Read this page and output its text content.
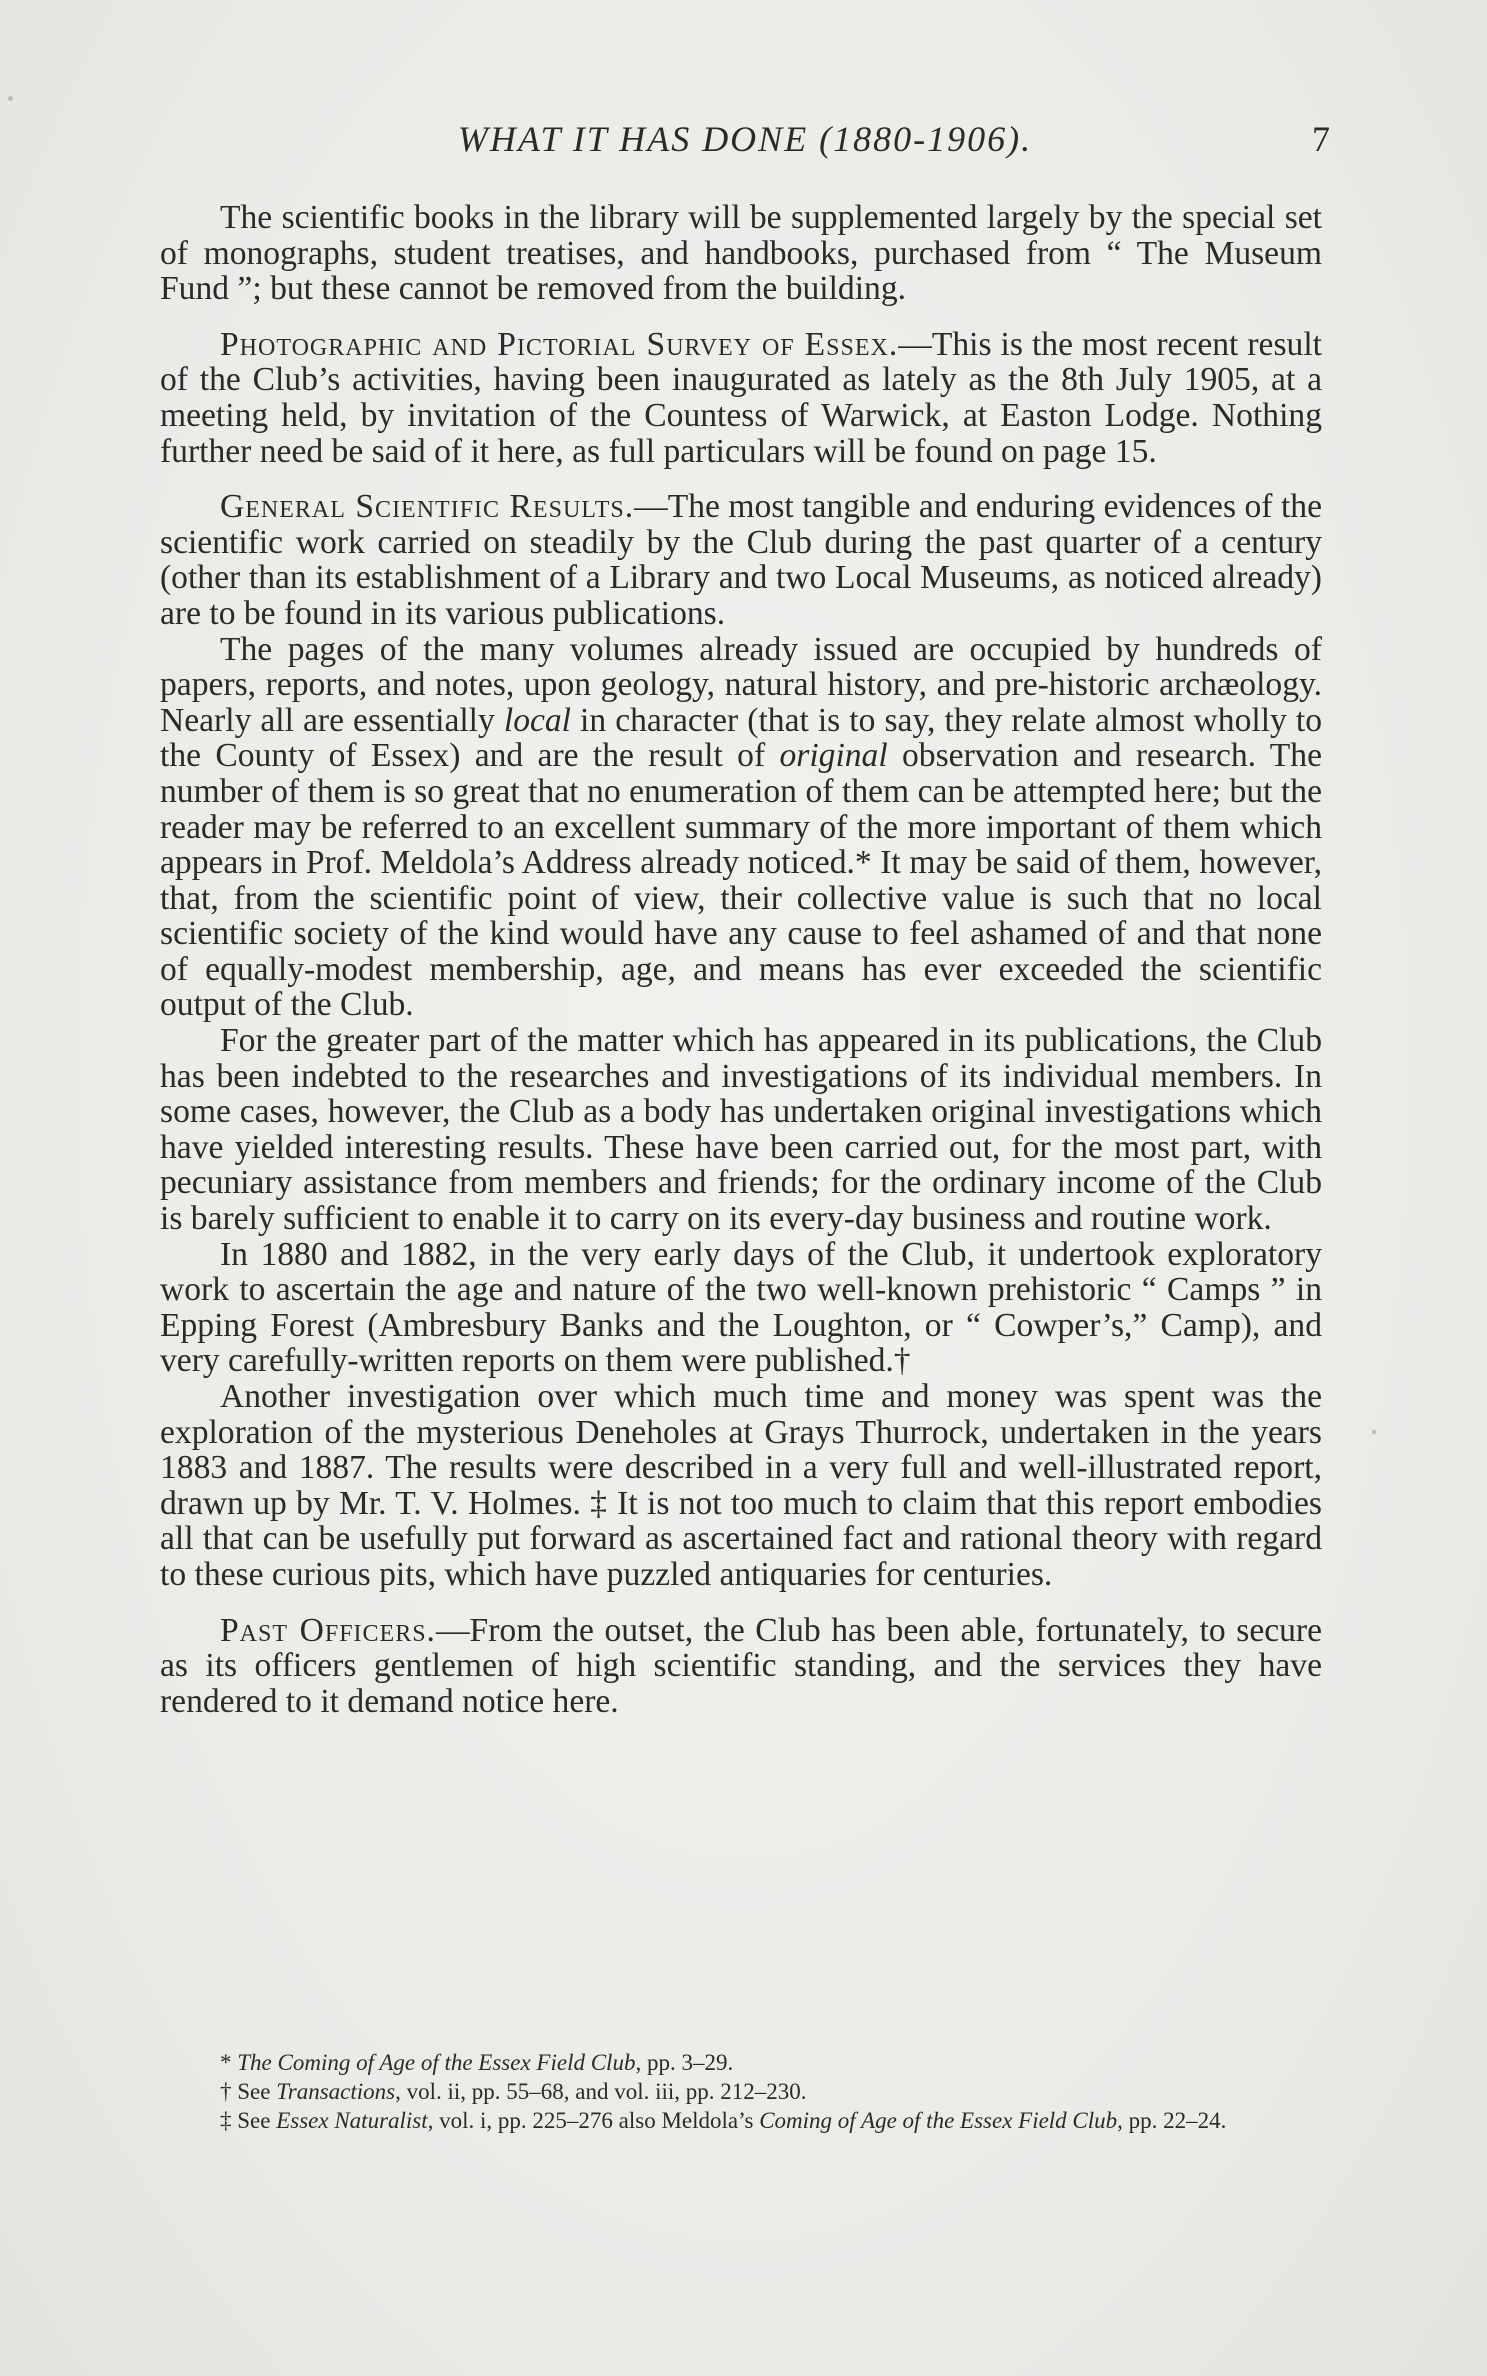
WHAT IT HAS DONE (1880-1906).	7

The scientific books in the library will be supplemented largely by the special set of monographs, student treatises, and handbooks, purchased from “ The Museum Fund ”; but these cannot be removed from the building.

Photographic and Pictorial Survey of Essex.—This is the most recent result of the Club’s activities, having been inaugurated as lately as the 8th July 1905, at a meeting held, by invitation of the Countess of Warwick, at Easton Lodge. Nothing further need be said of it here, as full particulars will be found on page 15.

General Scientific Results.—The most tangible and enduring evidences of the scientific work carried on steadily by the Club during the past quarter of a century (other than its establishment of a Library and two Local Museums, as noticed already) are to be found in its various publications.

The pages of the many volumes already issued are occupied by hundreds of papers, reports, and notes, upon geology, natural history, and pre-historic archæology. Nearly all are essentially local in character (that is to say, they relate almost wholly to the County of Essex) and are the result of original observation and research. The number of them is so great that no enumeration of them can be attempted here; but the reader may be referred to an excellent summary of the more important of them which appears in Prof. Meldola’s Address already noticed.* It may be said of them, however, that, from the scientific point of view, their collective value is such that no local scientific society of the kind would have any cause to feel ashamed of and that none of equally-modest membership, age, and means has ever exceeded the scientific output of the Club.

For the greater part of the matter which has appeared in its publications, the Club has been indebted to the researches and investigations of its individual members. In some cases, however, the Club as a body has undertaken original investigations which have yielded interesting results. These have been carried out, for the most part, with pecuniary assistance from members and friends; for the ordinary income of the Club is barely sufficient to enable it to carry on its every-day business and routine work.

In 1880 and 1882, in the very early days of the Club, it undertook exploratory work to ascertain the age and nature of the two well-known prehistoric “ Camps ” in Epping Forest (Ambresbury Banks and the Loughton, or “ Cowper’s,” Camp), and very carefully-written reports on them were published.†

Another investigation over which much time and money was spent was the exploration of the mysterious Deneholes at Grays Thurrock, undertaken in the years 1883 and 1887. The results were described in a very full and well-illustrated report, drawn up by Mr. T. V. Holmes. ‡ It is not too much to claim that this report embodies all that can be usefully put forward as ascertained fact and rational theory with regard to these curious pits, which have puzzled antiquaries for centuries.

Past Officers.—From the outset, the Club has been able, fortunately, to secure as its officers gentlemen of high scientific standing, and the services they have rendered to it demand notice here.

* The Coming of Age of the Essex Field Club, pp. 3–29.

† See Transactions, vol. ii, pp. 55–68, and vol. iii, pp. 212–230.

‡ See Essex Naturalist, vol. i, pp. 225–276 also Meldola’s Coming of Age of the Essex Field Club, pp. 22–24.
